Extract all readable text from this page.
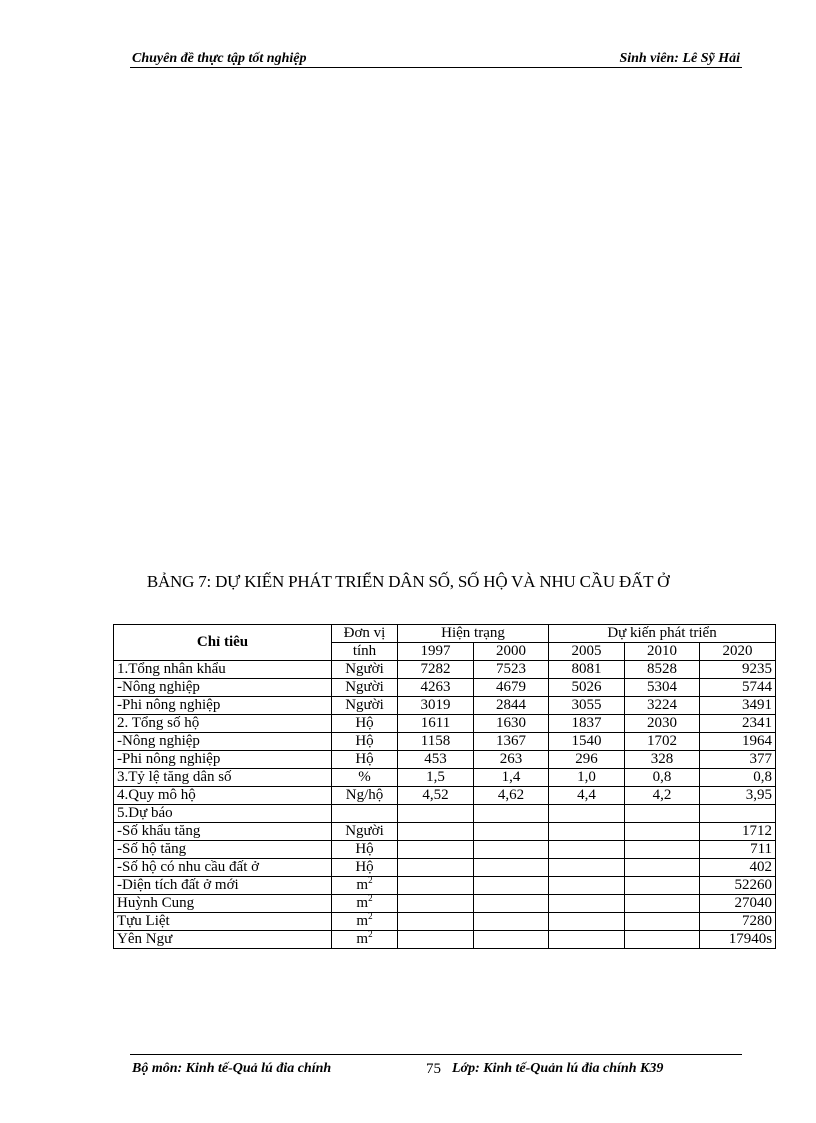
Chuyên đề thực tập tốt nghiệp	Sinh viên: Lê Sỹ Hải
BẢNG 7: DỰ KIẾN PHÁT TRIỂN DÂN SỐ, SỐ HỘ VÀ NHU CẦU ĐẤT Ở
Chỉ tiêu	Đơn vị	Hiện trạng		Dự kiến phát triển		
	tính	1997	2000	2005	2010	2020
1.Tổng nhân khẩu	Người	7282	7523	8081	8528	9235
-Nông nghiệp	Người	4263	4679	5026	5304	5744
-Phi nông nghiệp	Người	3019	2844	3055	3224	3491
2. Tổng số hộ	Hộ	1611	1630	1837	2030	2341
-Nông nghiệp	Hộ	1158	1367	1540	1702	1964
-Phi nông nghiệp	Hộ	453	263	296	328	377
3.Tỷ lệ tăng dân số	%	1,5	1,4	1,0	0,8	0,8
4.Quy mô hộ	Ng/hộ	4,52	4,62	4,4	4,2	3,95
5.Dự báo						
-Số khẩu tăng	Người					1712
-Số hộ tăng	Hộ					711
-Số hộ có nhu cầu đất ở	Hộ					402
-Diện tích đất ở mới	$m^2$					52260
Huỳnh Cung	$m^2$					27040
Tựu Liệt	$m^2$					7280
Yên Ngư	$m^2$					17940s
Bộ môn: Kinh tế-Quả lú đia chính	75 Lớp: Kinh tế-Quản lú đia chính K39
